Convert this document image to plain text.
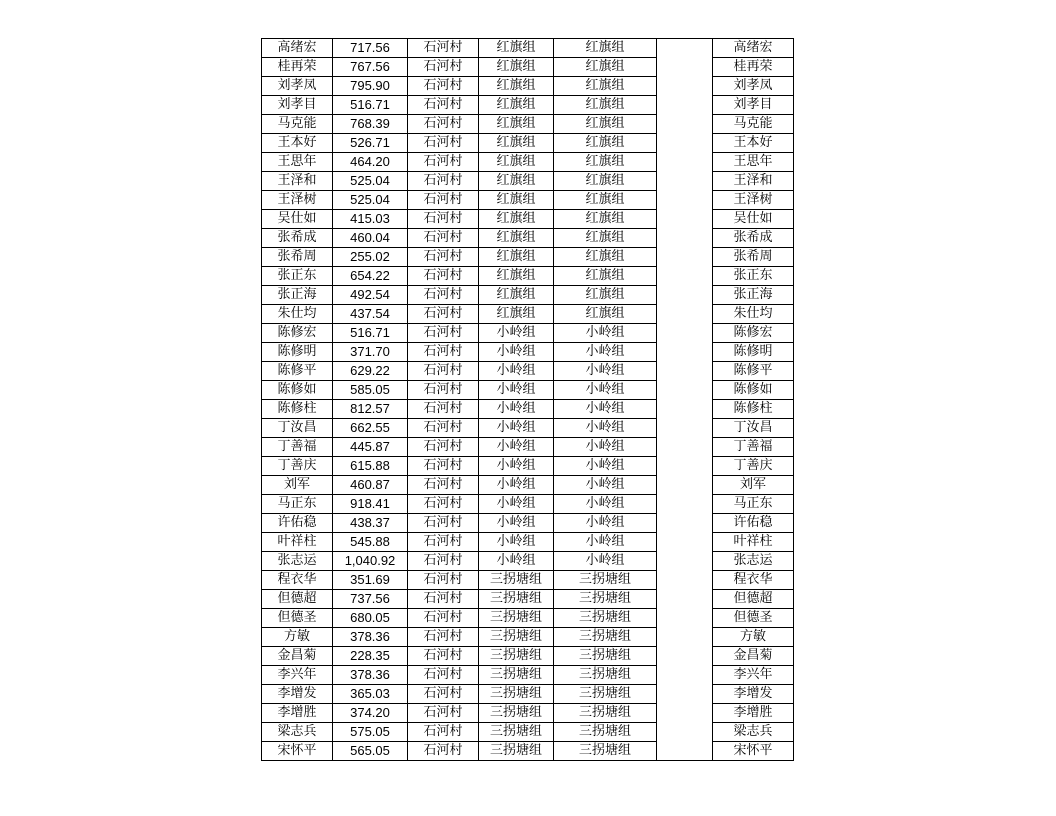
高绪宏	717.56	石河村	红旗组	红旗组		高绪宏
桂再荣	767.56	石河村	红旗组	红旗组		桂再荣
刘孝凤	795.90	石河村	红旗组	红旗组		刘孝凤
刘孝目	516.71	石河村	红旗组	红旗组		刘孝目
马克能	768.39	石河村	红旗组	红旗组		马克能
王本好	526.71	石河村	红旗组	红旗组		王本好
王思年	464.20	石河村	红旗组	红旗组		王思年
王泽和	525.04	石河村	红旗组	红旗组		王泽和
王泽树	525.04	石河村	红旗组	红旗组		王泽树
吴仕如	415.03	石河村	红旗组	红旗组		吴仕如
张希成	460.04	石河村	红旗组	红旗组		张希成
张希周	255.02	石河村	红旗组	红旗组		张希周
张正东	654.22	石河村	红旗组	红旗组		张正东
张正海	492.54	石河村	红旗组	红旗组		张正海
朱仕均	437.54	石河村	红旗组	红旗组		朱仕均
陈修宏	516.71	石河村	小岭组	小岭组		陈修宏
陈修明	371.70	石河村	小岭组	小岭组		陈修明
陈修平	629.22	石河村	小岭组	小岭组		陈修平
陈修如	585.05	石河村	小岭组	小岭组		陈修如
陈修柱	812.57	石河村	小岭组	小岭组		陈修柱
丁汝昌	662.55	石河村	小岭组	小岭组		丁汝昌
丁善福	445.87	石河村	小岭组	小岭组		丁善福
丁善庆	615.88	石河村	小岭组	小岭组		丁善庆
刘军	460.87	石河村	小岭组	小岭组		刘军
马正东	918.41	石河村	小岭组	小岭组		马正东
许佑稳	438.37	石河村	小岭组	小岭组		许佑稳
叶祥柱	545.88	石河村	小岭组	小岭组		叶祥柱
张志运	1,040.92	石河村	小岭组	小岭组		张志运
程衣华	351.69	石河村	三拐塘组	三拐塘组		程衣华
但德超	737.56	石河村	三拐塘组	三拐塘组		但德超
但德圣	680.05	石河村	三拐塘组	三拐塘组		但德圣
方敏	378.36	石河村	三拐塘组	三拐塘组		方敏
金昌菊	228.35	石河村	三拐塘组	三拐塘组		金昌菊
李兴年	378.36	石河村	三拐塘组	三拐塘组		李兴年
李增发	365.03	石河村	三拐塘组	三拐塘组		李增发
李增胜	374.20	石河村	三拐塘组	三拐塘组		李增胜
梁志兵	575.05	石河村	三拐塘组	三拐塘组		梁志兵
宋怀平	565.05	石河村	三拐塘组	三拐塘组		宋怀平
